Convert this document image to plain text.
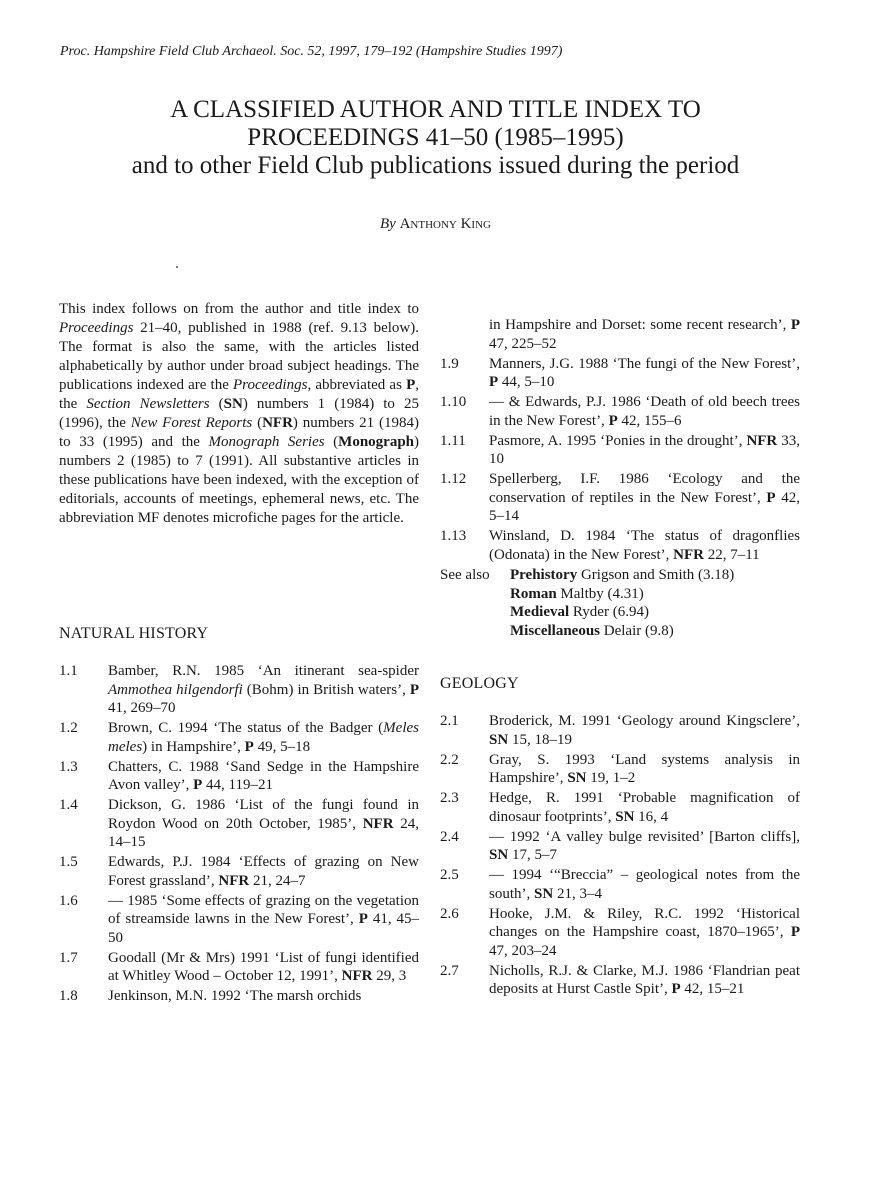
Proc. Hampshire Field Club Archaeol. Soc. 52, 1997, 179–192 (Hampshire Studies 1997)
A CLASSIFIED AUTHOR AND TITLE INDEX TO
PROCEEDINGS 41–50 (1985–1995)
and to other Field Club publications issued during the period
By Anthony King
This index follows on from the author and title index to Proceedings 21–40, published in 1988 (ref. 9.13 below). The format is also the same, with the articles listed alphabetically by author under broad subject headings. The publications indexed are the Proceedings, abbreviated as P, the Section Newsletters (SN) numbers 1 (1984) to 25 (1996), the New Forest Reports (NFR) numbers 21 (1984) to 33 (1995) and the Monograph Series (Monograph) numbers 2 (1985) to 7 (1991). All substantive articles in these publications have been indexed, with the exception of editorials, accounts of meetings, ephemeral news, etc. The abbreviation MF denotes microfiche pages for the article.
NATURAL HISTORY
1.1	Bamber, R.N. 1985 ‘An itinerant sea-spider Ammothea hilgendorfi (Bohm) in British waters’, P 41, 269–70
1.2	Brown, C. 1994 ‘The status of the Badger (Meles meles) in Hampshire’, P 49, 5–18
1.3	Chatters, C. 1988 ‘Sand Sedge in the Hampshire Avon valley’, P 44, 119–21
1.4	Dickson, G. 1986 ‘List of the fungi found in Roydon Wood on 20th October, 1985’, NFR 24, 14–15
1.5	Edwards, P.J. 1984 ‘Effects of grazing on New Forest grassland’, NFR 21, 24–7
1.6	— 1985 ‘Some effects of grazing on the vegetation of streamside lawns in the New Forest’, P 41, 45–50
1.7	Goodall (Mr & Mrs) 1991 ‘List of fungi identified at Whitley Wood – October 12, 1991’, NFR 29, 3
1.8	Jenkinson, M.N. 1992 ‘The marsh orchids
in Hampshire and Dorset: some recent research’, P 47, 225–52
1.9	Manners, J.G. 1988 ‘The fungi of the New Forest’, P 44, 5–10
1.10	— & Edwards, P.J. 1986 ‘Death of old beech trees in the New Forest’, P 42, 155–6
1.11	Pasmore, A. 1995 ‘Ponies in the drought’, NFR 33, 10
1.12	Spellerberg, I.F. 1986 ‘Ecology and the conservation of reptiles in the New Forest’, P 42, 5–14
1.13	Winsland, D. 1984 ‘The status of dragonflies (Odonata) in the New Forest’, NFR 22, 7–11
See also	Prehistory Grigson and Smith (3.18)
Roman Maltby (4.31)
Medieval Ryder (6.94)
Miscellaneous Delair (9.8)
GEOLOGY
2.1	Broderick, M. 1991 ‘Geology around Kingsclere’, SN 15, 18–19
2.2	Gray, S. 1993 ‘Land systems analysis in Hampshire’, SN 19, 1–2
2.3	Hedge, R. 1991 ‘Probable magnification of dinosaur footprints’, SN 16, 4
2.4	— 1992 ‘A valley bulge revisited’ [Barton cliffs], SN 17, 5–7
2.5	— 1994 ‘“Breccia” – geological notes from the south’, SN 21, 3–4
2.6	Hooke, J.M. & Riley, R.C. 1992 ‘Historical changes on the Hampshire coast, 1870–1965’, P 47, 203–24
2.7	Nicholls, R.J. & Clarke, M.J. 1986 ‘Flandrian peat deposits at Hurst Castle Spit’, P 42, 15–21
